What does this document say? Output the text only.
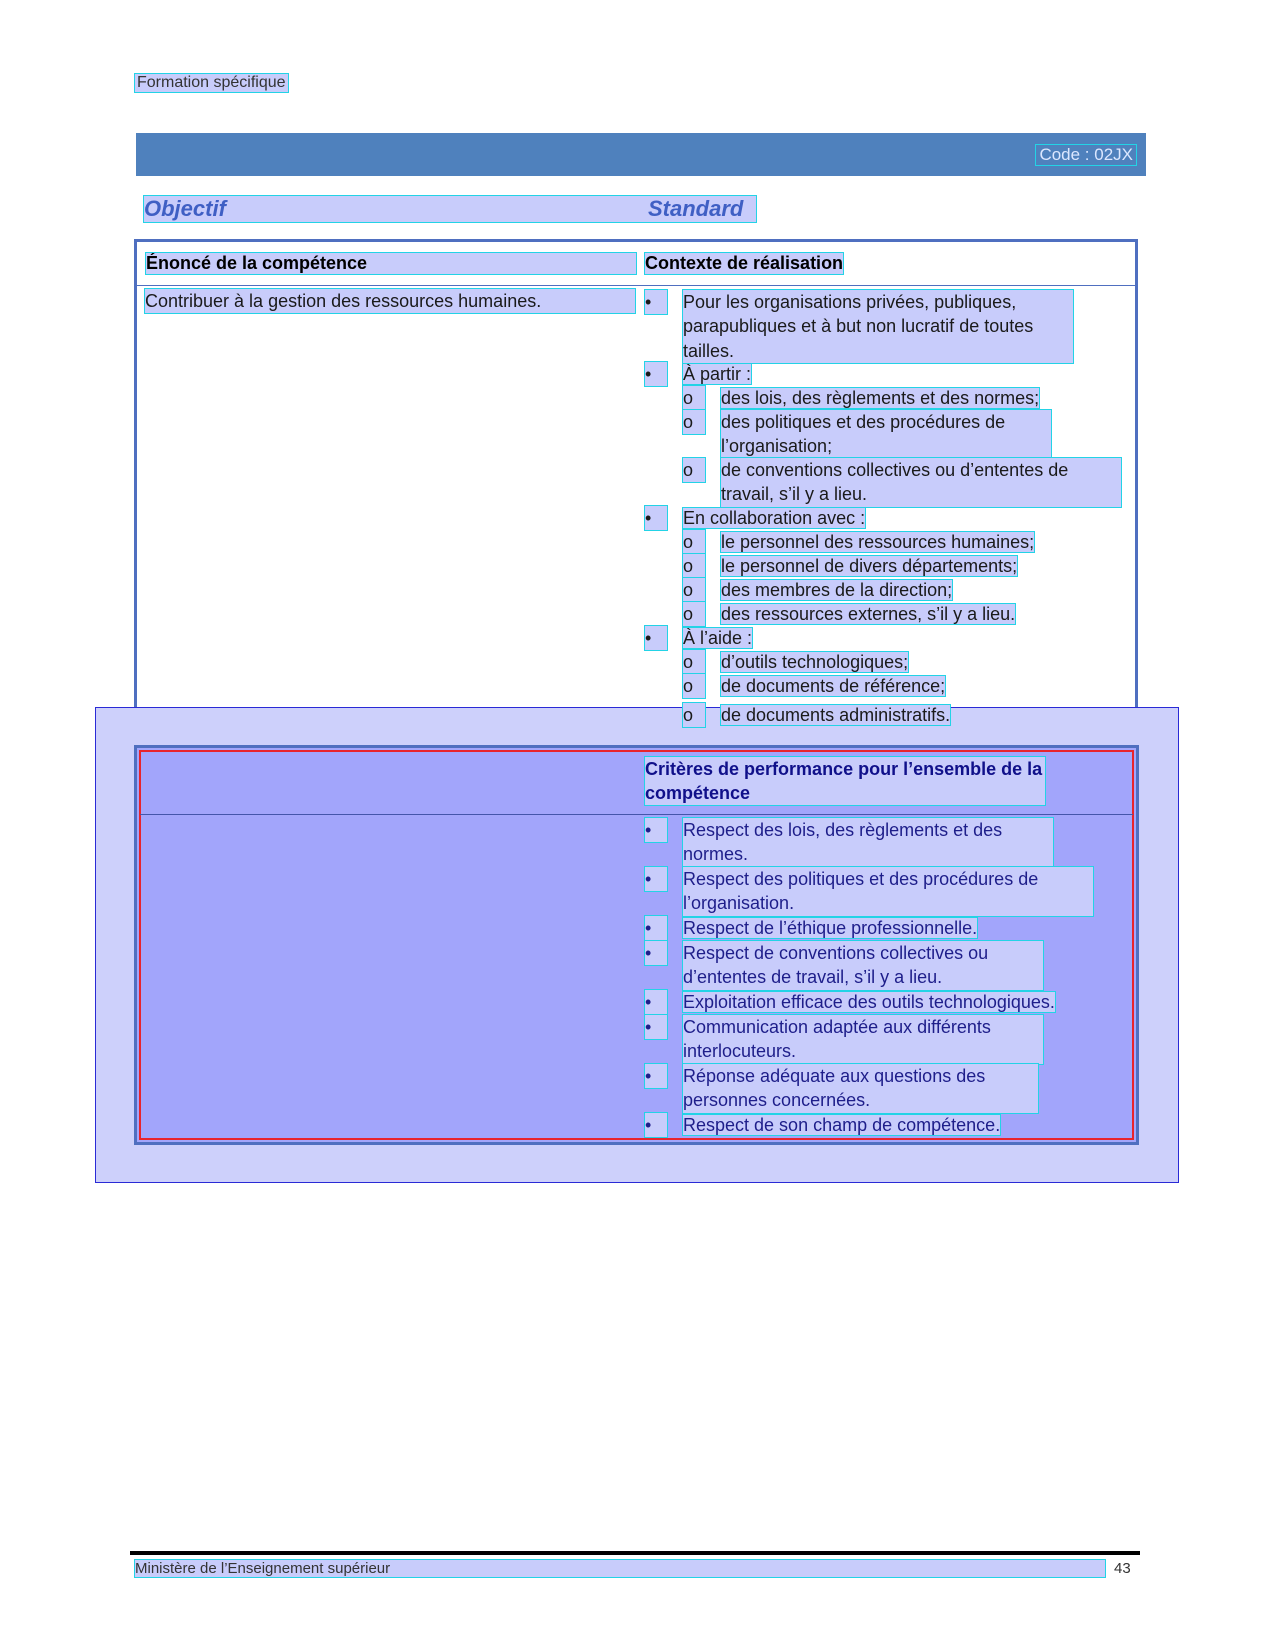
Formation spécifique
Code : 02JX
Objectif	Standard
Énoncé de la compétence	Contexte de réalisation
Contribuer à la gestion des ressources humaines.	•	Pour les organisations privées, publiques, parapubliques et à but non lucratif de toutes tailles.
•	À partir :
o	des lois, des règlements et des normes;
o	des politiques et des procédures de l’organisation;
o	de conventions collectives ou d’ententes de travail, s’il y a lieu.
•	En collaboration avec :
o	le personnel des ressources humaines;
o	le personnel de divers départements;
o	des membres de la direction;
o	des ressources externes, s’il y a lieu.
•	À l’aide :
o	d’outils technologiques;
o	de documents de référence;
o	de documents administratifs.
Critères de performance pour l’ensemble de la compétence
•	Respect des lois, des règlements et des normes.
•	Respect des politiques et des procédures de l’organisation.
•	Respect de l’éthique professionnelle.
•	Respect de conventions collectives ou d’ententes de travail, s’il y a lieu.
•	Exploitation efficace des outils technologiques.
•	Communication adaptée aux différents interlocuteurs.
•	Réponse adéquate aux questions des personnes concernées.
•	Respect de son champ de compétence.
Ministère de l’Enseignement supérieur	43
